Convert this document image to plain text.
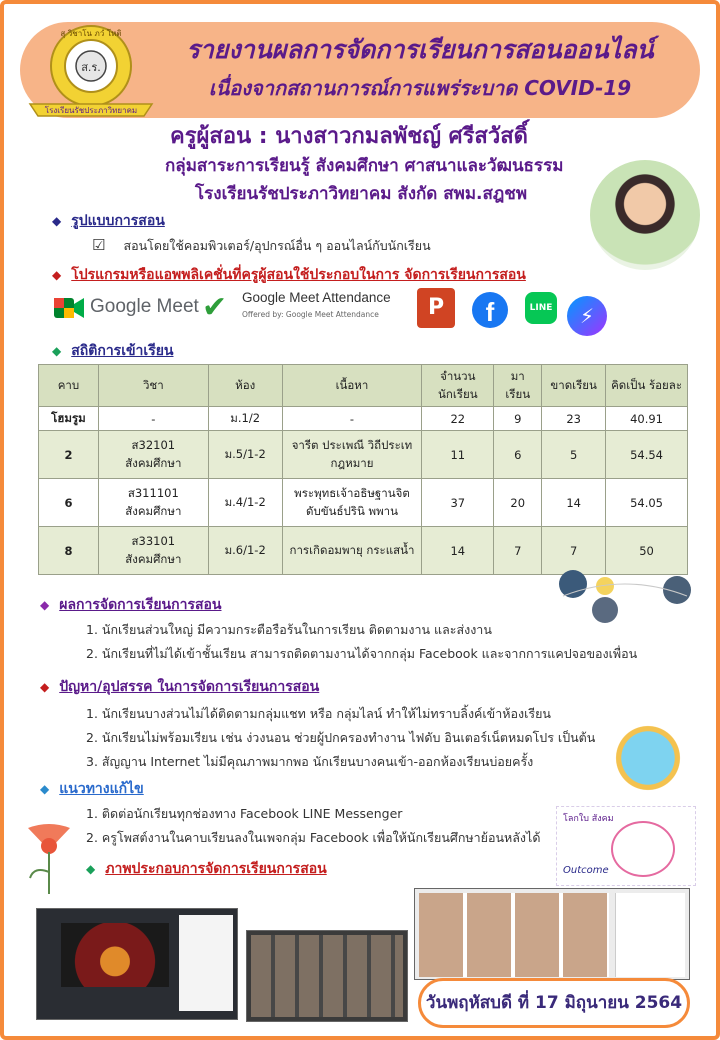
ส.ร.
สุ วิชาโน ภวํ โหติ
โรงเรียนรัชประภาวิทยาคม
รายงานผลการจัดการเรียนการสอนออนไลน์
เนื่องจากสถานการณ์การแพร่ระบาด COVID-19
ครูผู้สอน : นางสาวกมลพัชญ์ ศรีสวัสดิ์
กลุ่มสาระการเรียนรู้ สังคมศึกษา ศาสนาและวัฒนธรรม
โรงเรียนรัชประภาวิทยาคม สังกัด สพม.สฎชพ
◆ รูปแบบการสอน
☑ สอนโดยใช้คอมพิวเตอร์/อุปกรณ์อื่น ๆ ออนไลน์กับนักเรียน
◆ โปรแกรมหรือแอพพลิเคชั่นที่ครูผู้สอนใช้ประกอบในการ จัดการเรียนการสอน
Google Meet ✔ Google Meet Attendance
Offered by: Google Meet Attendance	P	f	LINE	⚡
◆ สถิติการเข้าเรียน
คาบ	วิชา	ห้อง	เนื้อหา	จำนวน นักเรียน	มา เรียน	ขาดเรียน	คิดเป็น ร้อยละ
โฮมรูม	-	ม.1/2	-	22	9	23	40.91
2	ส32101 สังคมศึกษา	ม.5/1-2	จารีต ประเพณี วิถีประเท กฎหมาย	11	6	5	54.54
6	ส311101 สังคมศึกษา	ม.4/1-2	พระพุทธเจ้าอธิษฐานจิต ดับขันธ์ปรินิ พพาน	37	20	14	54.05
8	ส33101 สังคมศึกษา	ม.6/1-2	การเกิดอมพายุ กระแสน้ำ	14	7	7	50
◆ ผลการจัดการเรียนการสอน
1. นักเรียนส่วนใหญ่ มีความกระตือรือร้นในการเรียน ติดตามงาน และส่งงาน
2. นักเรียนที่ไม่ได้เข้าชั้นเรียน สามารถติดตามงานได้จากกลุ่ม Facebook และจากการแคปจอของเพื่อน
◆ ปัญหา/อุปสรรค ในการจัดการเรียนการสอน
1. นักเรียนบางส่วนไม่ได้ติดตามกลุ่มแชท หรือ กลุ่มไลน์ ทำให้ไม่ทราบลิ้งค์เข้าห้องเรียน
2. นักเรียนไม่พร้อมเรียน เช่น ง่วงนอน ช่วยผู้ปกครองทำงาน ไฟดับ อินเตอร์เน็ตหมดโปร เป็นต้น
3. สัญญาน Internet ไม่มีคุณภาพมากพอ นักเรียนบางคนเข้า-ออกห้องเรียนบ่อยครั้ง
◆ แนวทางแก้ไข
1. ติดต่อนักเรียนทุกช่องทาง Facebook LINE Messenger
2. ครูโพสต์งานในคาบเรียนลงในเพจกลุ่ม Facebook เพื่อให้นักเรียนศึกษาย้อนหลังได้
โลกใบ สังคม
Outcome
◆ ภาพประกอบการจัดการเรียนการสอน
วันพฤหัสบดี ที่ 17 มิถุนายน 2564
